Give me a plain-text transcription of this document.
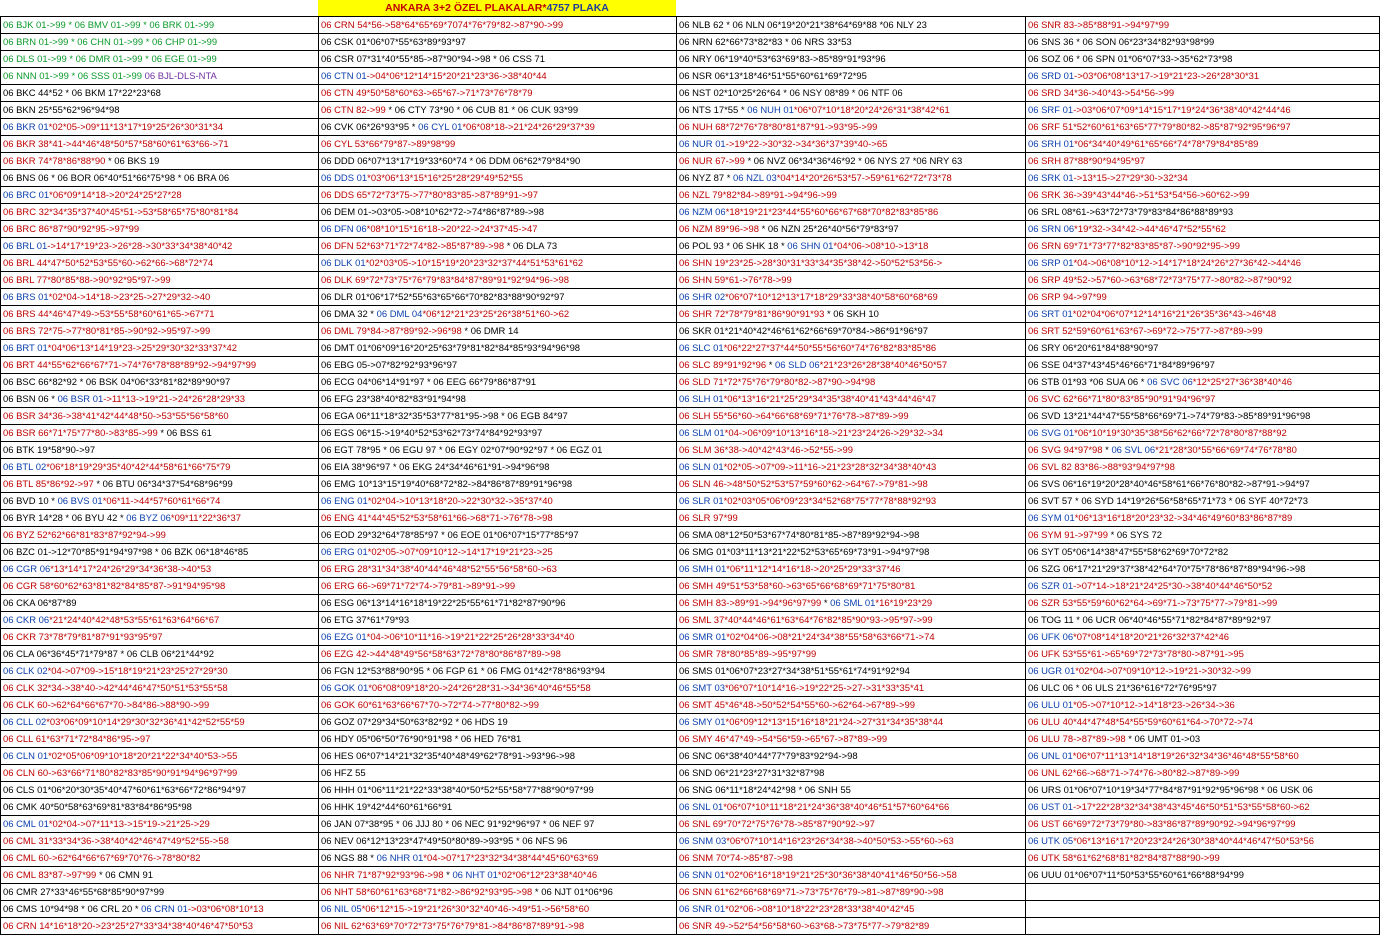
ANKARA 3+2 ÖZEL PLAKALAR * 4757 PLAKA
06 BJK 01->99 * 06 BMV 01->99 * 06 BRK 01->99	06 CRN 54*56->58*64*65*69*7074*76*79*82->87*90->99	06 NLB 62 * 06 NLN 06*19*20*21*38*64*69*88 *06 NLY 23	06 SNR 83->85*88*91->94*97*99
06 BRN 01->99 * 06 CHN 01->99 * 06 CHP 01->99	06 CSK 01*06*07*55*63*89*93*97	06 NRN 62*66*73*82*83 * 06 NRS 33*53	06 SNS 36 * 06 SON 06*23*34*82*93*98*99
06 DLS 01->99 * 06 DMR 01->99 * 06 EGE 01->99	06 CSR 07*31*40*55*85->87*90*94->98 * 06 CSS 71	06 NRY 06*19*40*53*63*69*83->85*89*91*93*96	06 SOZ 06 * 06 SPN 01*06*07*33->35*62*73*98
06 NNN 01->99 * 06 SSS 01->99 06 BJL-DLS-NTA	06 CTN 01->04*06*12*14*15*20*21*23*36->38*40*44	06 NSR 06*13*18*46*51*55*60*61*69*72*95	06 SRD 01->03*06*08*13*17->19*21*23->26*28*30*31
06 BKC 44*52 * 06 BKM 17*22*23*68	06 CTN 49*50*58*60*63->65*67->71*73*76*78*79	06 NST 02*10*25*26*64 * 06 NSY 08*89 * 06 NTF 06	06 SRD 34*36->40*43->54*56->99
06 BKN 25*55*62*96*94*98	06 CTN 82->99 * 06 CTY 73*90 * 06 CUB 81 * 06 CUK 93*99	06 NTS 17*55 * 06 NUH 01*06*07*10*18*20*24*26*31*38*42*61	06 SRF 01->03*06*07*09*14*15*17*19*24*36*38*40*42*44*46
06 BKR 01*02*05->09*11*13*17*19*25*26*30*31*34	06 CVK 06*26*93*95 * 06 CYL 01*06*08*18->21*24*26*29*37*39	06 NUH 68*72*76*78*80*81*87*91->93*95->99	06 SRF 51*52*60*61*63*65*77*79*80*82->85*87*92*95*96*97
06 BKR 38*41->44*46*48*50*57*58*60*61*63*66->71	06 CYL 53*66*79*87->89*98*99	06 NUR 01->19*22->30*32->34*36*37*39*40->65	06 SRH 01*06*34*40*49*61*65*66*74*78*79*84*85*89
06 BKR 74*78*86*88*90 * 06 BKS 19	06 DDD 06*07*13*17*19*33*60*74 * 06 DDM 06*62*79*84*90	06 NUR 67->99 * 06 NVZ 06*34*36*46*92 * 06 NYS 27 *06 NRY 63	06 SRH 87*88*90*94*95*97
06 BNS 06 * 06 BOR 06*40*51*66*75*98 * 06 BRA 06	06 DDS 01*03*06*13*15*16*25*28*29*49*52*55	06 NYZ 87 * 06 NZL 03*04*14*20*26*53*57->59*61*62*72*73*78	06 SRK 01->13*15->27*29*30->32*34
06 BRC 01*06*09*14*18->20*24*25*27*28	06 DDS 65*72*73*75->77*80*83*85->87*89*91->97	06 NZL 79*82*84->89*91->94*96->99	06 SRK 36->39*43*44*46->51*53*54*56->60*62->99
06 BRC 32*34*35*37*40*45*51->53*58*65*75*80*81*84	06 DEM 01->03*05->08*10*62*72->74*86*87*89->98	06 NZM 06*18*19*21*23*44*55*60*66*67*68*70*82*83*85*86	06 SRL 08*61->63*72*73*79*83*84*86*88*89*93
06 BRC 86*87*90*92*95->97*99	06 DFN 06*08*10*15*16*18->20*22->24*37*45->47	06 NZM 89*96->98 * 06 NZN 25*26*40*56*79*83*97	06 SRN 06*19*32->34*42->44*46*47*52*55*62
06 BRL 01->14*17*19*23->26*28->30*33*34*38*40*42	06 DFN 52*63*71*72*74*82->85*87*89->98 * 06 DLA 73	06 POL 93 * 06 SHK 18 * 06 SHN 01*04*06->08*10->13*18	06 SRN 69*71*73*77*82*83*85*87->90*92*95->99
06 BRL 44*47*50*52*53*55*60->62*66->68*72*74	06 DLK 01*02*03*05->10*15*19*20*23*32*37*44*51*53*61*62	06 SHN 19*23*25->28*30*31*33*34*35*38*42->50*52*53*56->	06 SRP 01*04->06*08*10*12->14*17*18*24*26*27*36*42->44*46
06 BRL 77*80*85*88->90*92*95*97->99	06 DLK 69*72*73*75*76*79*83*84*87*89*91*92*94*96->98	06 SHN 59*61->76*78->99	06 SRP 49*52->57*60->63*68*72*73*75*77->80*82->87*90*92
06 BRS 01*02*04->14*18->23*25->27*29*32->40	06 DLR 01*06*17*52*55*63*65*66*70*82*83*88*90*92*97	06 SHR 02*06*07*10*12*13*17*18*29*33*38*40*58*60*68*69	06 SRP 94->97*99
06 BRS 44*46*47*49->53*55*58*60*61*65->67*71	06 DMA 32 * 06 DML 04*06*12*21*23*25*26*38*51*60->62	06 SHR 72*78*79*81*86*90*91*93 * 06 SKH 10	06 SRT 01*02*04*06*07*12*14*16*21*26*35*36*43->46*48
06 BRS 72*75->77*80*81*85->90*92->95*97->99	06 DML 79*84->87*89*92->96*98 * 06 DMR 14	06 SKR 01*21*40*42*46*61*62*66*69*70*84->86*91*96*97	06 SRT 52*59*60*61*63*67->69*72->75*77->87*89->99
06 BRT 01*04*06*13*14*19*23->25*29*30*32*33*37*42	06 DMT 01*06*09*16*20*25*63*79*81*82*84*85*93*94*96*98	06 SLC 01*06*22*27*37*44*50*55*56*60*74*76*82*83*85*86	06 SRY 06*20*61*84*88*90*97
06 BRT 44*55*62*66*67*71->74*76*78*88*89*92->94*97*99	06 EBG 05->07*82*92*93*96*97	06 SLC 89*91*92*96 * 06 SLD 06*21*23*26*28*38*40*46*50*57	06 SSE 04*37*43*45*46*66*71*84*89*96*97
06 BSC 66*82*92 * 06 BSK 04*06*33*81*82*89*90*97	06 ECG 04*06*14*91*97 * 06 EEG 66*79*86*87*91	06 SLD 71*72*75*76*79*80*82->87*90->94*98	06 STB 01*93 *06 SUA 06 * 06 SVC 06*12*25*27*36*38*40*46
06 BSN 06 * 06 BSR 01->11*13->19*21->24*26*28*29*33	06 EFG 23*38*40*82*83*91*94*98	06 SLH 01*06*13*16*21*25*29*34*35*38*40*41*43*44*46*47	06 SVC 62*66*71*80*83*85*90*91*94*96*97
06 BSR 34*36->38*41*42*44*48*50->53*55*56*58*60	06 EGA 06*11*18*32*35*53*77*81*95->98 * 06 EGB 84*97	06 SLH 55*56*60->64*66*68*69*71*76*78->87*89->99	06 SVD 13*21*44*47*55*58*66*69*71->74*79*83->85*89*91*96*98
06 BSR 66*71*75*77*80->83*85->99 * 06 BSS 61	06 EGS 06*15->19*40*52*53*62*73*74*84*92*93*97	06 SLM 01*04->06*09*10*13*16*18->21*23*24*26->29*32->34	06 SVG 01*06*10*19*30*35*38*56*62*66*72*78*80*87*88*92
06 BTK 19*58*90->97	06 EGT 78*95 * 06 EGU 97 * 06 EGY 02*07*90*92*97 * 06 EGZ 01	06 SLM 36*38->40*42*43*46->52*55->99	06 SVG 94*97*98 * 06 SVL 06*21*28*30*55*66*69*74*76*78*80
06 BTL 02*06*18*19*29*35*40*42*44*58*61*66*75*79	06 EIA 38*96*97 * 06 EKG 24*34*46*61*91->94*96*98	06 SLN 01*02*05->07*09->11*16->21*23*28*32*34*38*40*43	06 SVL 82 83*86->88*93*94*97*98
06 BTL 85*86*92->97 * 06 BTU 06*34*37*54*68*96*99	06 EMG 10*13*15*19*40*68*72*82->84*86*87*89*91*96*98	06 SLN 46->48*50*52*53*57*59*60*62->64*67->79*81->98	06 SVS 06*16*19*20*28*40*46*58*61*66*76*80*82->87*91->94*97
06 BVD 10 * 06 BVS 01*06*11->44*57*60*61*66*74	06 ENG 01*02*04->10*13*18*20->22*30*32->35*37*40	06 SLR 01*02*03*05*06*09*23*34*52*68*75*77*78*88*92*93	06 SVT 57 * 06 SYD 14*19*26*56*58*65*71*73 * 06 SYF 40*72*73
06 BYR 14*28 * 06 BYU 42 * 06 BYZ 06*09*11*22*36*37	06 ENG 41*44*45*52*53*58*61*66->68*71->76*78->98	06 SLR 97*99	06 SYM 01*06*13*16*18*20*23*32->34*46*49*60*83*86*87*89
06 BYZ 52*62*66*81*83*87*92*94->99	06 EOD 29*32*64*78*85*97 * 06 EOE 01*06*07*15*77*85*97	06 SMA 08*12*50*53*67*74*80*81*85->87*89*92*94->98	06 SYM 91->97*99 * 06 SYS 72
06 BZC 01->12*70*85*91*94*97*98 * 06 BZK 06*18*46*85	06 ERG 01*02*05->07*09*10*12->14*17*19*21*23->25	06 SMG 01*03*11*13*21*22*52*53*65*69*73*91->94*97*98	06 SYT 05*06*14*38*47*55*58*62*69*70*72*82
06 CGR 06*13*14*17*24*26*29*34*36*38->40*53	06 ERG 28*31*34*38*40*44*46*48*52*55*56*58*60->63	06 SMH 01*06*11*12*14*16*18->20*25*29*33*37*46	06 SZG 06*17*21*29*37*38*42*64*70*75*78*86*87*89*94*96->98
06 CGR 58*60*62*63*81*82*84*85*87->91*94*95*98	06 ERG 66->69*71*72*74->79*81->89*91->99	06 SMH 49*51*53*58*60->63*65*66*68*69*71*75*80*81	06 SZR 01->07*14->18*21*24*25*30->38*40*44*46*50*52
06 CKA 06*87*89	06 ESG 06*13*14*16*18*19*22*25*55*61*71*82*87*90*96	06 SMH 83->89*91->94*96*97*99 * 06 SML 01*16*19*23*29	06 SZR 53*55*59*60*62*64->69*71->73*75*77->79*81->99
06 CKR 06*21*24*40*42*48*53*55*61*63*64*66*67	06 ETG 37*61*79*93	06 SML 37*40*44*46*61*63*64*76*82*85*90*93->95*97->99	06 TOG 11 * 06 UCR 06*40*46*55*71*82*84*87*89*92*97
06 CKR 73*78*79*81*87*91*93*95*97	06 EZG 01*04->06*10*11*16->19*21*22*25*26*28*33*34*40	06 SMR 01*02*04*06->08*21*24*34*38*55*58*63*66*71->74	06 UFK 06*07*08*14*18*20*21*26*32*37*42*46
06 CLA 06*36*45*71*79*87 * 06 CLB 06*21*44*92	06 EZG 42->44*48*49*56*58*63*72*78*80*86*87*89->98	06 SMR 78*80*85*89->95*97*99	06 UFK 53*55*61->65*69*72*73*78*80->87*91->95
06 CLK 02*04->07*09->15*18*19*21*23*25*27*29*30	06 FGN 12*53*88*90*95 * 06 FGP 61 * 06 FMG 01*42*78*86*93*94	06 SMS 01*06*07*23*27*34*38*51*55*61*74*91*92*94	06 UGR 01*02*04->07*09*10*12->19*21->30*32->99
06 CLK 32*34->38*40->42*44*46*47*50*51*53*55*58	06 GOK 01*06*08*09*18*20->24*26*28*31->34*36*40*46*55*58	06 SMT 03*06*07*10*14*16->19*22*25->27->31*33*35*41	06 ULC 06 * 06 ULS 21*36*616*72*76*95*97
06 CLK 60->62*64*66*67*70->84*86->88*90->99	06 GOK 60*61*63*66*67*70->72*74->77*80*82->99	06 SMT 45*46*48->50*52*54*55*60->62*64->67*89->99	06 ULU 01*05->07*10*12->14*18*23->26*34->36
06 CLL 02*03*06*09*10*14*29*30*32*36*41*42*52*55*59	06 GOZ 07*29*34*50*63*82*92 * 06 HDS 19	06 SMY 01*06*09*12*13*15*16*18*21*24->27*31*34*35*38*44	06 ULU 40*44*47*48*54*55*59*60*61*64->70*72->74
06 CLL 61*63*71*72*84*86*95->97	06 HDY 05*06*50*76*90*91*98 * 06 HED 76*81	06 SMY 46*47*49->54*56*59->65*67->87*89->99	06 ULU 78->87*89->98 * 06 UMT 01->03
06 CLN 01*02*05*06*09*10*18*20*21*22*34*40*53->55	06 HES 06*07*14*21*32*35*40*48*49*62*78*91->93*96->98	06 SNC 06*38*40*44*77*79*83*92*94->98	06 UNL 01*06*07*11*13*14*18*19*26*32*34*36*46*48*55*58*60
06 CLN 60->63*66*71*80*82*83*85*90*91*94*96*97*99	06 HFZ 55	06 SND 06*21*23*27*31*32*87*98	06 UNL 62*66->68*71->74*76->80*82->87*89->99
06 CLS 01*06*20*30*35*40*47*60*61*63*66*72*86*94*97	06 HHH 01*06*11*21*22*33*38*40*50*52*55*58*77*88*90*97*99	06 SNG 06*11*18*24*42*98 * 06 SNH 55	06 URS 01*06*07*10*19*34*77*84*87*91*92*95*96*98 * 06 USK 06
06 CMK 40*50*58*63*69*81*83*84*86*95*98	06 HHK 19*42*44*60*61*66*91	06 SNL 01*06*07*10*11*18*21*24*36*38*40*46*51*57*60*64*66	06 UST 01->17*22*28*32*34*38*43*45*46*50*51*53*55*58*60->62
06 CML 01*02*04->07*11*13->15*19->21*25->29	06 JAN 07*38*95 * 06 JJJ 80 * 06 NEC 91*92*96*97 * 06 NEF 97	06 SNL 69*70*72*75*76*78->85*87*90*92->97	06 UST 66*69*72*73*79*80->83*86*87*89*90*92->94*96*97*99
06 CML 31*33*34*36->38*40*42*46*47*49*52*55->58	06 NEV 06*12*13*23*47*49*50*80*89->93*95 * 06 NFS 96	06 SNM 03*06*07*10*14*16*23*26*34*38->40*50*53->55*60->63	06 UTK 05*06*13*16*17*20*23*24*26*30*38*40*44*46*47*50*53*56
06 CML 60->62*64*66*67*69*70*76->78*80*82	06 NGS 88 * 06 NHR 01*04->07*17*23*32*34*38*44*45*60*63*69	06 SNM 70*74->85*87->98	06 UTK 58*61*62*68*81*82*84*87*88*90->99
06 CML 83*87->97*99 * 06 CMN 91	06 NHR 71*87*92*93*96->98 * 06 NHT 01*02*06*12*23*38*40*46	06 SNN 01*02*06*16*18*19*21*25*30*36*38*40*41*46*50*56->58	06 UUU 01*06*07*11*50*53*55*60*61*66*88*94*99
06 CMR 27*33*46*55*68*85*90*97*99	06 NHT 58*60*61*63*68*71*82->86*92*93*95->98 * 06 NJT 01*06*96	06 SNN 61*62*66*68*69*71->73*75*76*79->81->87*89*90->98	
06 CMS 10*94*98 * 06 CRL 20 * 06 CRN 01->03*06*08*10*13	06 NIL 05*06*12*15->19*21*26*30*32*40*46->49*51->56*58*60	06 SNR 01*02*06->08*10*18*22*23*28*33*38*40*42*45	
06 CRN 14*16*18*20->23*25*27*33*34*38*40*46*47*50*53	06 NIL 62*63*69*70*72*73*75*76*79*81->84*86*87*89*91->98	06 SNR 49->52*54*56*58*60->63*68->73*75*77->79*82*89	
